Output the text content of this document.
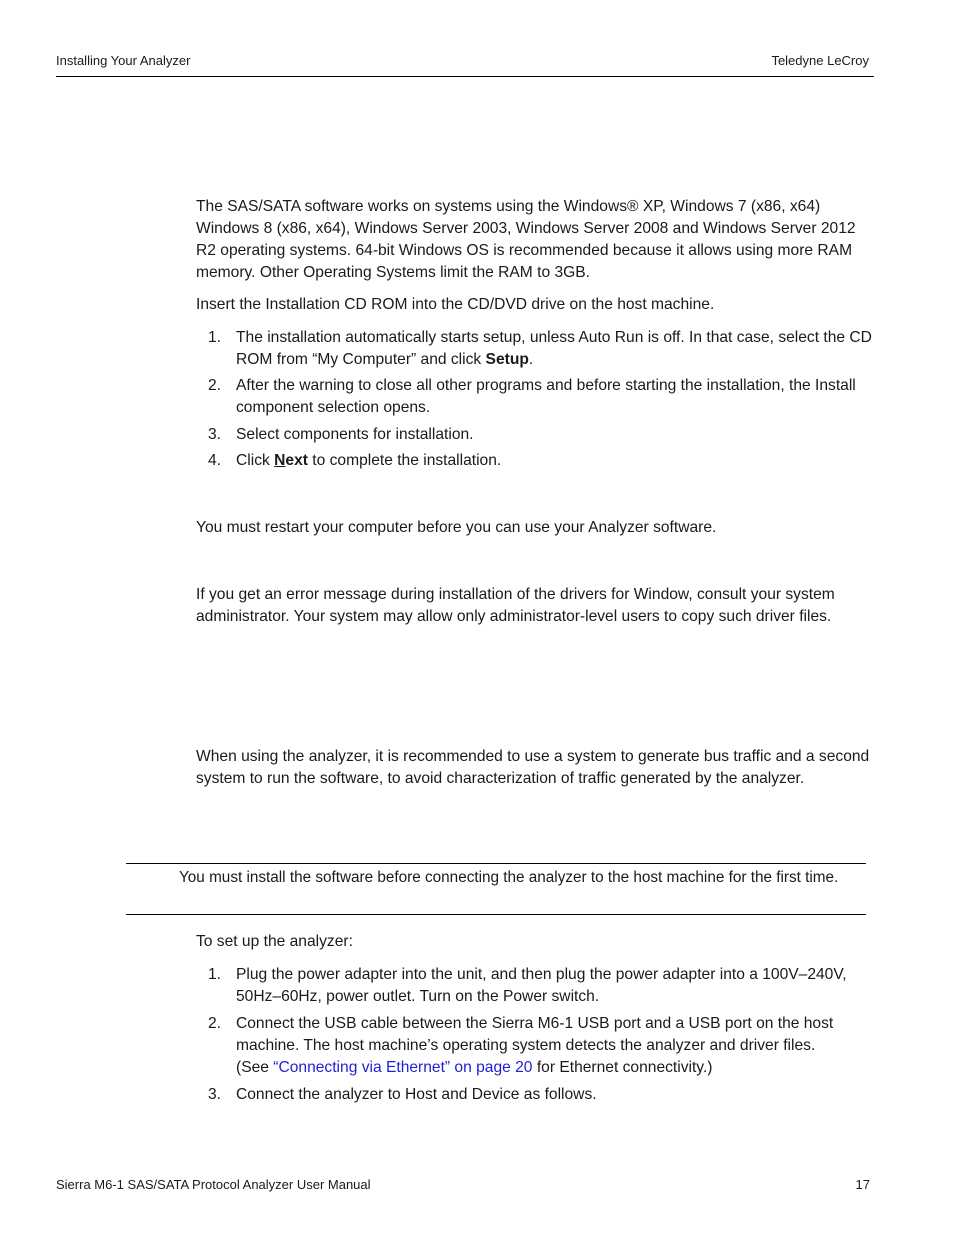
Installing Your Analyzer	Teledyne LeCroy
The SAS/SATA software works on systems using the Windows® XP, Windows 7 (x86, x64) Windows 8 (x86, x64), Windows Server 2003, Windows Server 2008 and Windows Server 2012 R2 operating systems. 64-bit Windows OS is recommended because it allows using more RAM memory. Other Operating Systems limit the RAM to 3GB.
Insert the Installation CD ROM into the CD/DVD drive on the host machine.
1. The installation automatically starts setup, unless Auto Run is off. In that case, select the CD ROM from “My Computer” and click Setup.
2. After the warning to close all other programs and before starting the installation, the Install component selection opens.
3. Select components for installation.
4. Click Next to complete the installation.
You must restart your computer before you can use your Analyzer software.
If you get an error message during installation of the drivers for Window, consult your system administrator. Your system may allow only administrator-level users to copy such driver files.
When using the analyzer, it is recommended to use a system to generate bus traffic and a second system to run the software, to avoid characterization of traffic generated by the analyzer.
You must install the software before connecting the analyzer to the host machine for the first time.
To set up the analyzer:
1. Plug the power adapter into the unit, and then plug the power adapter into a 100V–240V, 50Hz–60Hz, power outlet. Turn on the Power switch.
2. Connect the USB cable between the Sierra M6-1 USB port and a USB port on the host machine. The host machine’s operating system detects the analyzer and driver files.
(See “Connecting via Ethernet” on page 20 for Ethernet connectivity.)
3. Connect the analyzer to Host and Device as follows.
Sierra M6-1 SAS/SATA Protocol Analyzer User Manual	17
